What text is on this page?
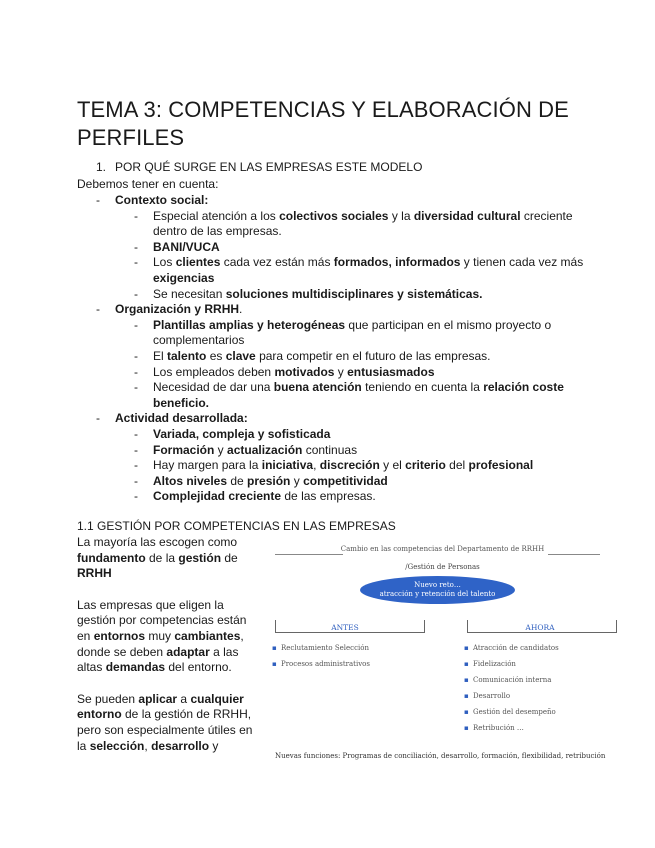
TEMA 3: COMPETENCIAS Y ELABORACIÓN DE PERFILES
1. POR QUÉ SURGE EN LAS EMPRESAS ESTE MODELO
Debemos tener en cuenta:
- Contexto social:
- Especial atención a los colectivos sociales y la diversidad cultural creciente dentro de las empresas.
- BANI/VUCA
- Los clientes cada vez están más formados, informados y tienen cada vez más exigencias
- Se necesitan soluciones multidisciplinares y sistemáticas.
- Organización y RRHH.
- Plantillas amplias y heterogéneas que participan en el mismo proyecto o complementarios
- El talento es clave para competir en el futuro de las empresas.
- Los empleados deben motivados y entusiasmados
- Necesidad de dar una buena atención teniendo en cuenta la relación coste beneficio.
- Actividad desarrollada:
- Variada, compleja y sofisticada
- Formación y actualización continuas
- Hay margen para la iniciativa, discreción y el criterio del profesional
- Altos niveles de presión y competitividad
- Complejidad creciente de las empresas.
1.1 GESTIÓN POR COMPETENCIAS EN LAS EMPRESAS

La mayoría las escogen como fundamento de la gestión de RRHH

Las empresas que eligen la gestión por competencias están en entornos muy cambiantes, donde se deben adaptar a las altas demandas del entorno.

Se pueden aplicar a cualquier entorno de la gestión de RRHH, pero son especialmente útiles en la selección, desarrollo y

Cambio en las competencias del Departamento de RRHH
/Gestión de Personas
Nuevo reto…
atracción y retención del talento
ANTES	AHORA
▪ Reclutamiento Selección
▪ Procesos administrativos
▪ Atracción de candidatos
▪ Fidelización
▪ Comunicación interna
▪ Desarrollo
▪ Gestión del desempeño
▪ Retribución …
Nuevas funciones: Programas de conciliación, desarrollo, formación, flexibilidad, retribución
